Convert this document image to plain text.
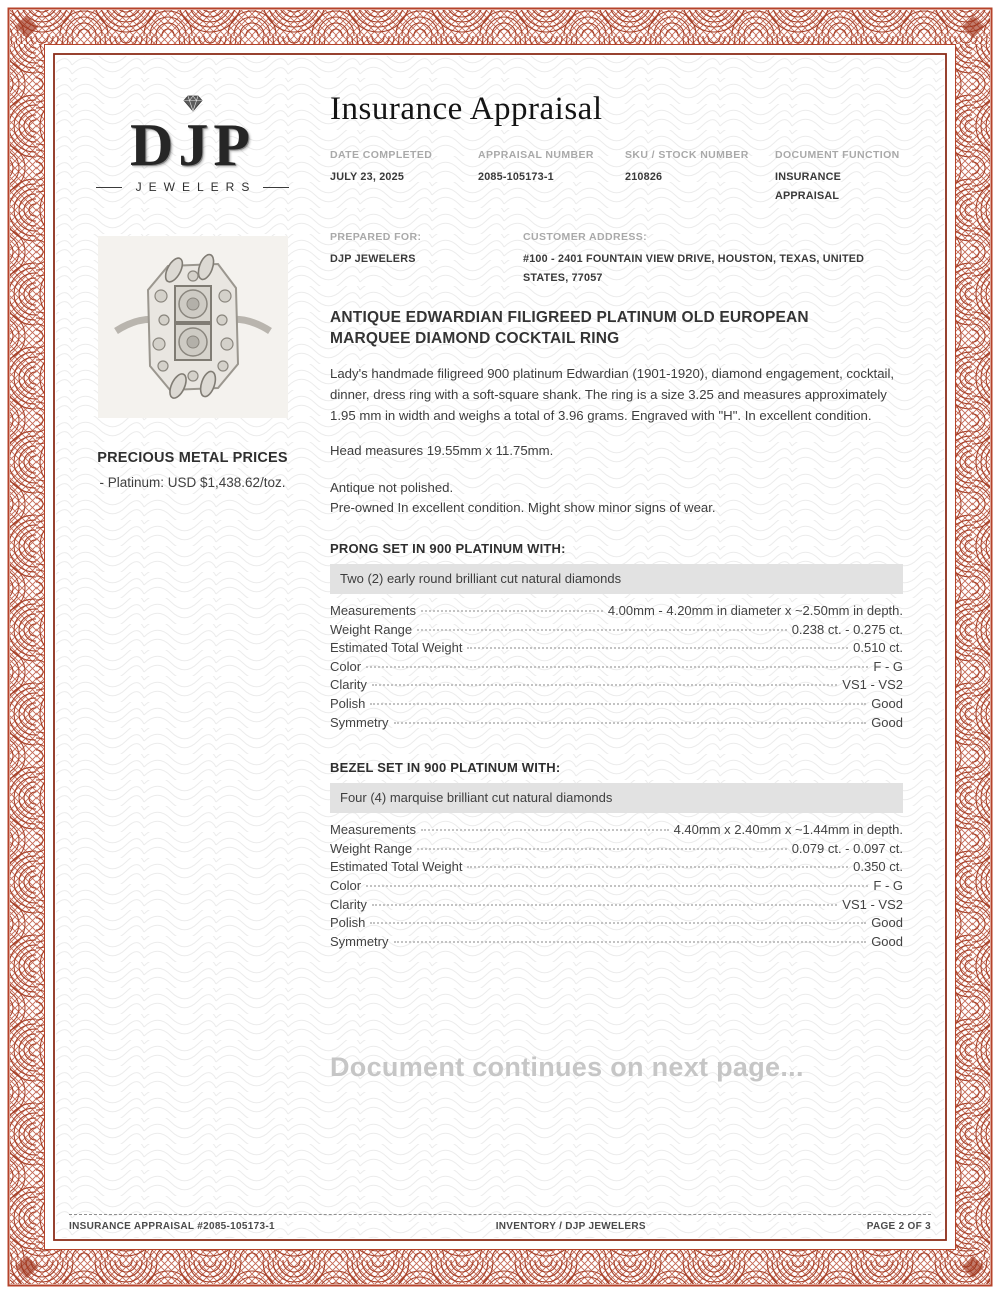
DJP
JEWELERS
PRECIOUS METAL PRICES
- Platinum: USD $1,438.62/toz.
Insurance Appraisal
DATE COMPLETED
JULY 23, 2025
APPRAISAL NUMBER
2085-105173-1
SKU / STOCK NUMBER
210826
DOCUMENT FUNCTION
INSURANCE APPRAISAL
PREPARED FOR:
DJP JEWELERS
CUSTOMER ADDRESS:
#100 - 2401 FOUNTAIN VIEW DRIVE, HOUSTON, TEXAS, UNITED STATES, 77057
ANTIQUE EDWARDIAN FILIGREED PLATINUM OLD EUROPEAN MARQUEE DIAMOND COCKTAIL RING

Lady's handmade filigreed 900 platinum Edwardian (1901-1920), diamond engagement, cocktail, dinner, dress ring with a soft-square shank. The ring is a size 3.25 and measures approximately 1.95 mm in width and weighs a total of 3.96 grams. Engraved with "H". In excellent condition.

Head measures 19.55mm x 11.75mm.

Antique not polished.
Pre-owned In excellent condition. Might show minor signs of wear.
PRONG SET IN 900 PLATINUM WITH:
Two (2) early round brilliant cut natural diamonds
Measurements	4.00mm - 4.20mm in diameter x ~2.50mm in depth.
Weight Range	0.238 ct. - 0.275 ct.
Estimated Total Weight	0.510 ct.
Color	F - G
Clarity	VS1 - VS2
Polish	Good
Symmetry	Good
BEZEL SET IN 900 PLATINUM WITH:
Four (4) marquise brilliant cut natural diamonds
Measurements	4.40mm x 2.40mm x ~1.44mm in depth.
Weight Range	0.079 ct. - 0.097 ct.
Estimated Total Weight	0.350 ct.
Color	F - G
Clarity	VS1 - VS2
Polish	Good
Symmetry	Good
Document continues on next page...
INSURANCE APPRAISAL #2085-105173-1	INVENTORY / DJP JEWELERS	PAGE 2 OF 3
